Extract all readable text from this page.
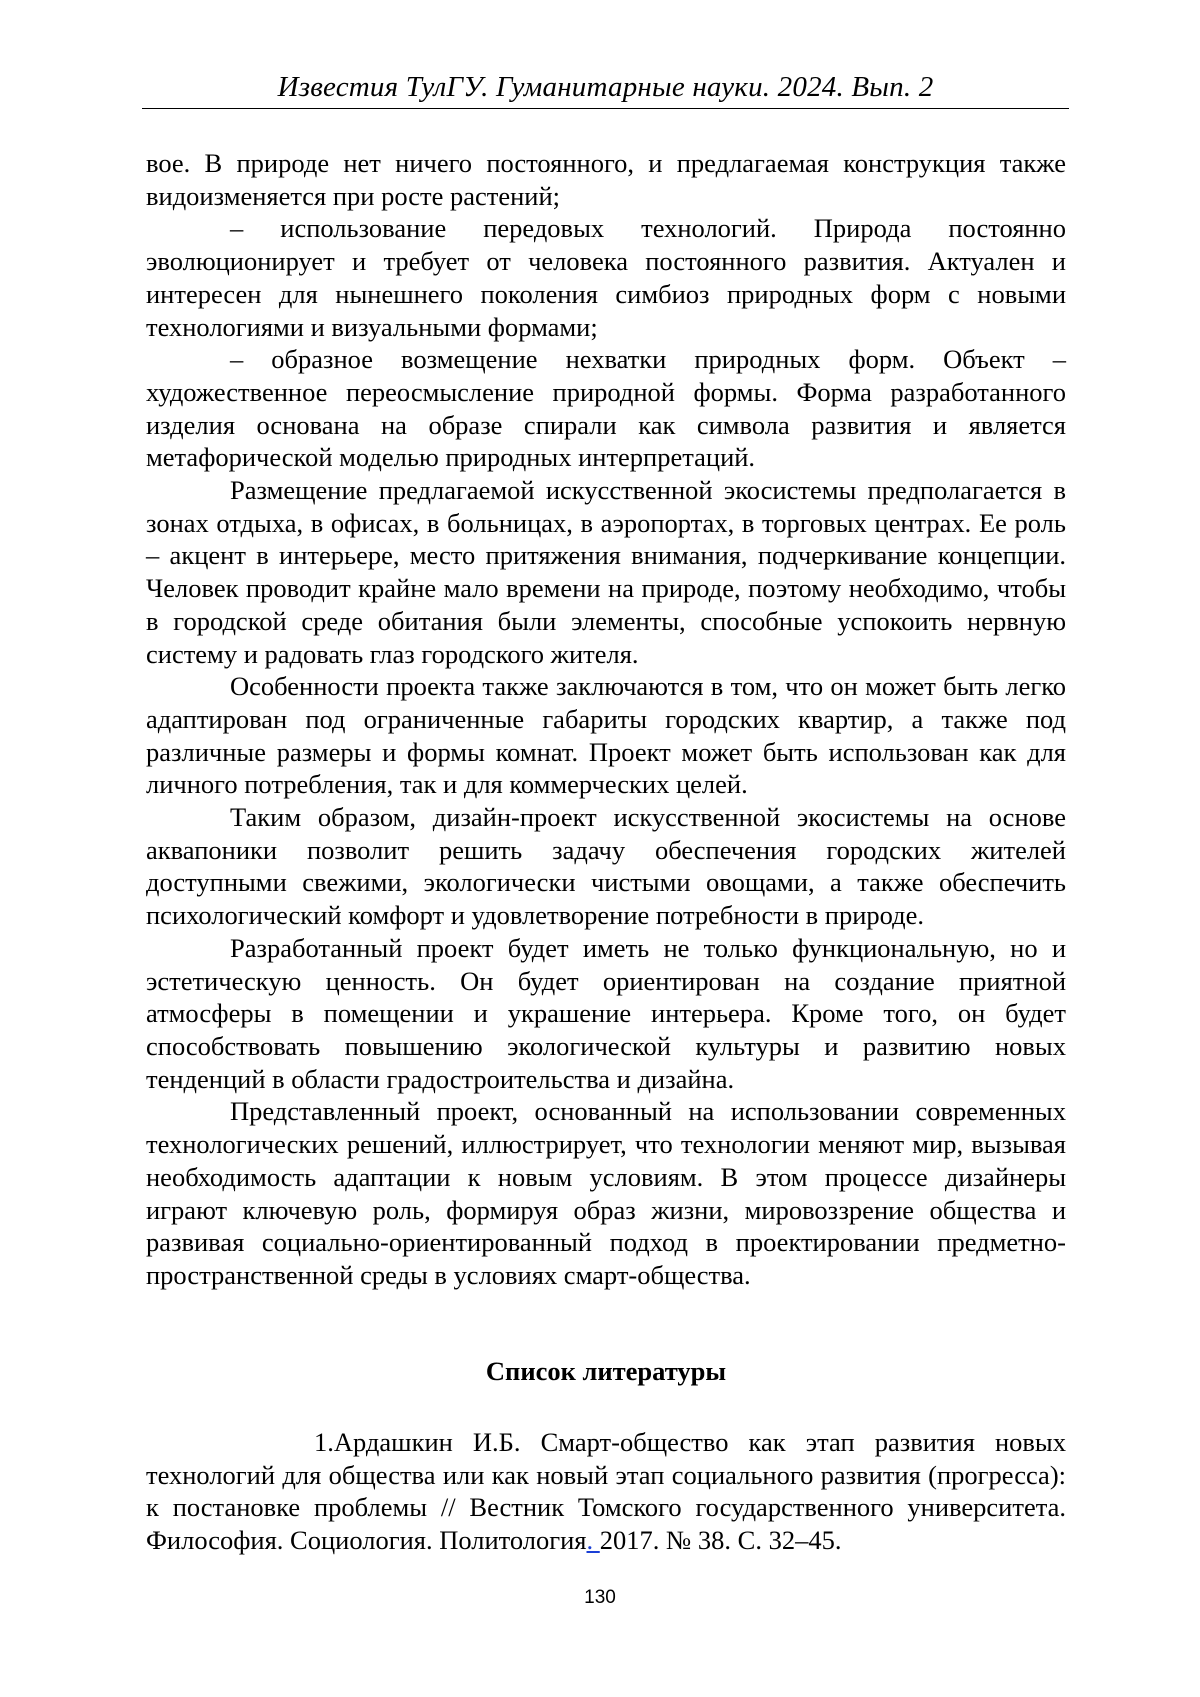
Известия ТулГУ. Гуманитарные науки. 2024. Вып. 2

вое. В природе нет ничего постоянного, и предлагаемая конструкция также видоизменяется при росте растений;

– использование передовых технологий. Природа постоянно эволюционирует и требует от человека постоянного развития. Актуален и интересен для нынешнего поколения симбиоз природных форм с новыми технологиями и визуальными формами;

– образное возмещение нехватки природных форм. Объект – художественное переосмысление природной формы. Форма разработанного изделия основана на образе спирали как символа развития и является метафорической моделью природных интерпретаций.

Размещение предлагаемой искусственной экосистемы предполагается в зонах отдыха, в офисах, в больницах, в аэропортах, в торговых центрах. Ее роль – акцент в интерьере, место притяжения внимания, подчеркивание концепции. Человек проводит крайне мало времени на природе, поэтому необходимо, чтобы в городской среде обитания были элементы, способные успокоить нервную систему и радовать глаз городского жителя.

Особенности проекта также заключаются в том, что он может быть легко адаптирован под ограниченные габариты городских квартир, а также под различные размеры и формы комнат. Проект может быть использован как для личного потребления, так и для коммерческих целей.

Таким образом, дизайн-проект искусственной экосистемы на основе аквапоники позволит решить задачу обеспечения городских жителей доступными свежими, экологически чистыми овощами, а также обеспечить психологический комфорт и удовлетворение потребности в природе.

Разработанный проект будет иметь не только функциональную, но и эстетическую ценность. Он будет ориентирован на создание приятной атмосферы в помещении и украшение интерьера. Кроме того, он будет способствовать повышению экологической культуры и развитию новых тенденций в области градостроительства и дизайна.

Представленный проект, основанный на использовании современных технологических решений, иллюстрирует, что технологии меняют мир, вызывая необходимость адаптации к новым условиям. В этом процессе дизайнеры играют ключевую роль, формируя образ жизни, мировоззрение общества и развивая социально-ориентированный подход в проектировании предметно-пространственной среды в условиях смарт-общества.

Список литературы

1.Ардашкин И.Б. Смарт-общество как этап развития новых технологий для общества или как новый этап социального развития (прогресса): к постановке проблемы // Вестник Томского государственного университета. Философия. Социология. Политология. 2017. № 38. С. 32–45.

130
